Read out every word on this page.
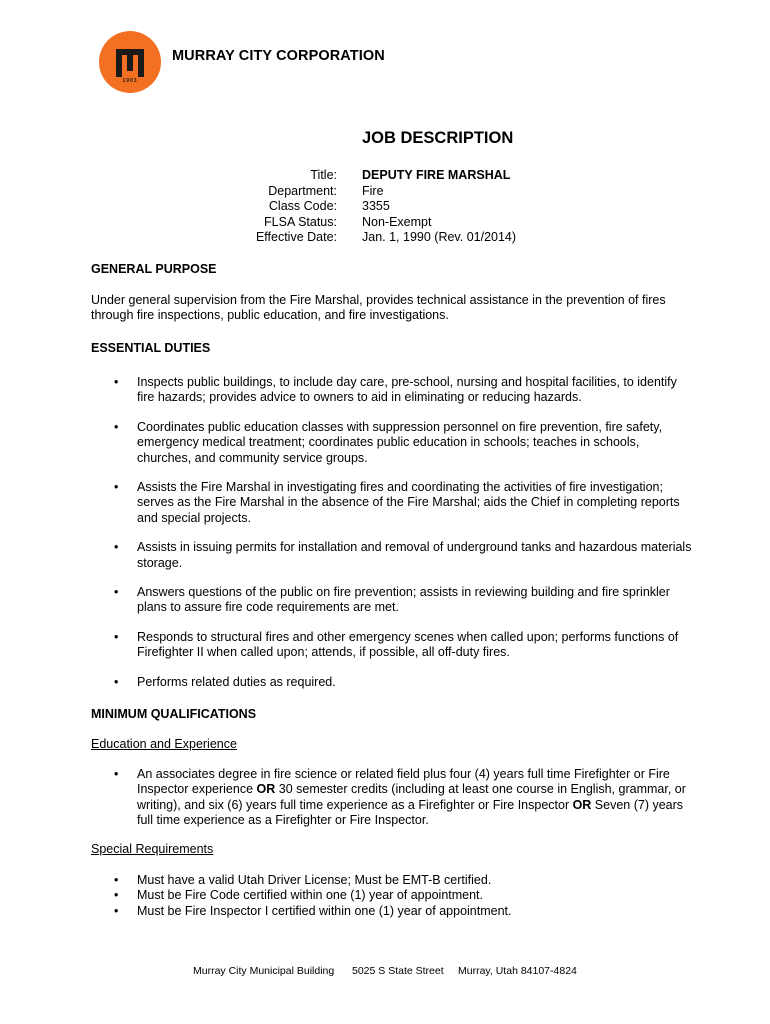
1903
MURRAY CITY CORPORATION
JOB DESCRIPTION
Title:
Department:
Class Code:
FLSA Status:
Effective Date:
DEPUTY FIRE MARSHAL
Fire
3355
Non-Exempt
Jan. 1, 1990 (Rev. 01/2014)
GENERAL PURPOSE
Under general supervision from the Fire Marshal, provides technical assistance in the prevention of fires through fire inspections, public education, and fire investigations.
ESSENTIAL DUTIES
• Inspects public buildings, to include day care, pre-school, nursing and hospital facilities, to identify fire hazards; provides advice to owners to aid in eliminating or reducing hazards.
• Coordinates public education classes with suppression personnel on fire prevention, fire safety, emergency medical treatment; coordinates public education in schools; teaches in schools, churches, and community service groups.
• Assists the Fire Marshal in investigating fires and coordinating the activities of fire investigation; serves as the Fire Marshal in the absence of the Fire Marshal; aids the Chief in completing reports and special projects.
• Assists in issuing permits for installation and removal of underground tanks and hazardous materials storage.
• Answers questions of the public on fire prevention; assists in reviewing building and fire sprinkler plans to assure fire code requirements are met.
• Responds to structural fires and other emergency scenes when called upon; performs functions of Firefighter II when called upon; attends, if possible, all off-duty fires.
• Performs related duties as required.
MINIMUM QUALIFICATIONS
Education and Experience
• An associates degree in fire science or related field plus four (4) years full time Firefighter or Fire Inspector experience OR 30 semester credits (including at least one course in English, grammar, or writing), and six (6) years full time experience as a Firefighter or Fire Inspector OR Seven (7) years full time experience as a Firefighter or Fire Inspector.
Special Requirements
• Must have a valid Utah Driver License; Must be EMT-B certified.
• Must be Fire Code certified within one (1) year of appointment.
• Must be Fire Inspector I certified within one (1) year of appointment.
Murray City Municipal Building 5025 S State Street Murray, Utah 84107-4824
